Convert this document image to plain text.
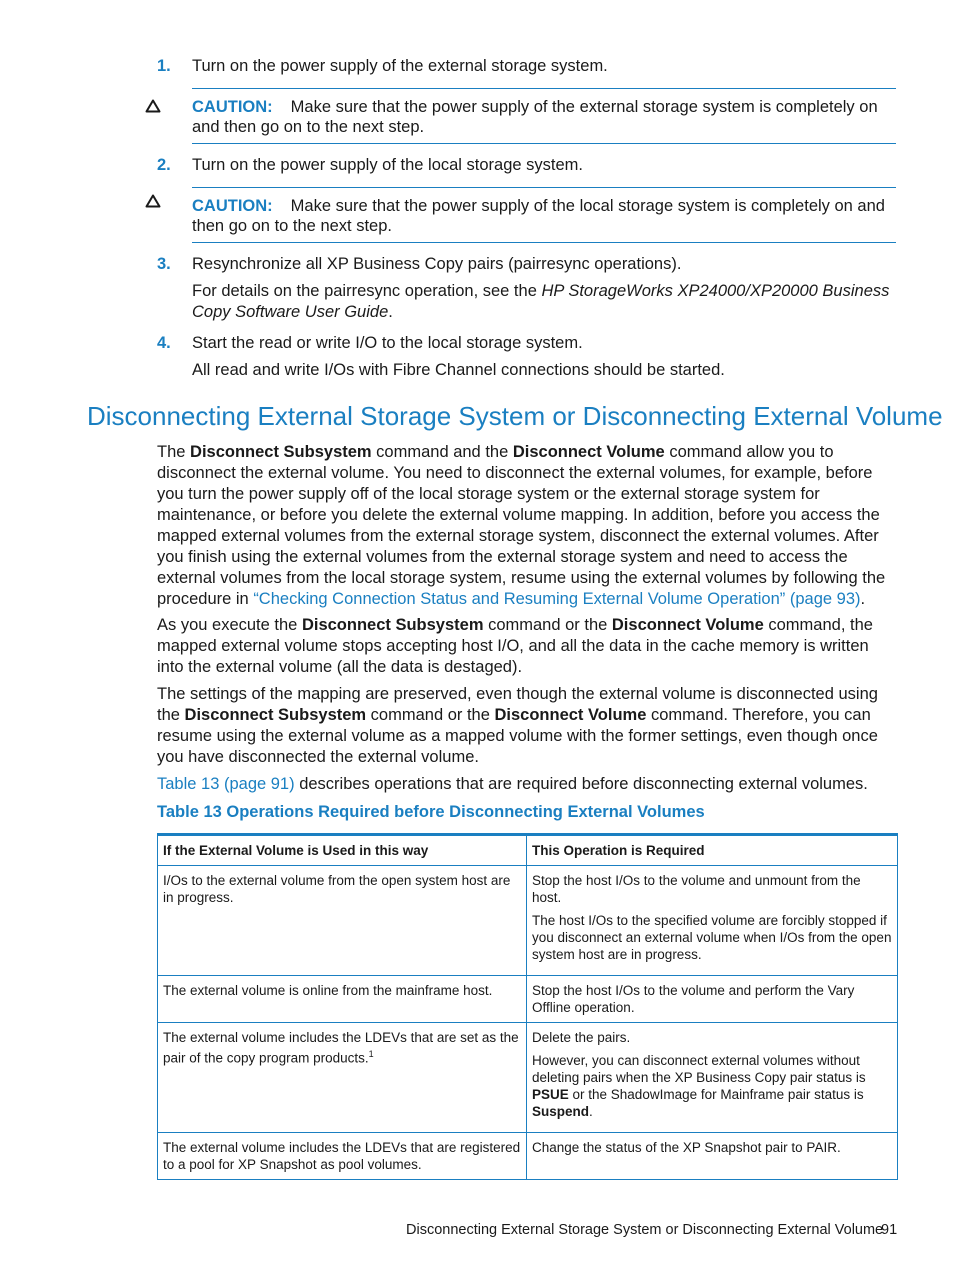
1. Turn on the power supply of the external storage system.
CAUTION: Make sure that the power supply of the external storage system is completely on and then go on to the next step.
2. Turn on the power supply of the local storage system.
CAUTION: Make sure that the power supply of the local storage system is completely on and then go on to the next step.
3. Resynchronize all XP Business Copy pairs (pairresync operations).
For details on the pairresync operation, see the HP StorageWorks XP24000/XP20000 Business Copy Software User Guide.
4. Start the read or write I/O to the local storage system.
All read and write I/Os with Fibre Channel connections should be started.
Disconnecting External Storage System or Disconnecting External Volume
The Disconnect Subsystem command and the Disconnect Volume command allow you to disconnect the external volume. You need to disconnect the external volumes, for example, before you turn the power supply off of the local storage system or the external storage system for maintenance, or before you delete the external volume mapping. In addition, before you access the mapped external volumes from the external storage system, disconnect the external volumes. After you finish using the external volumes from the external storage system and need to access the external volumes from the local storage system, resume using the external volumes by following the procedure in “Checking Connection Status and Resuming External Volume Operation” (page 93).
As you execute the Disconnect Subsystem command or the Disconnect Volume command, the mapped external volume stops accepting host I/O, and all the data in the cache memory is written into the external volume (all the data is destaged).
The settings of the mapping are preserved, even though the external volume is disconnected using the Disconnect Subsystem command or the Disconnect Volume command. Therefore, you can resume using the external volume as a mapped volume with the former settings, even though once you have disconnected the external volume.
Table 13 (page 91) describes operations that are required before disconnecting external volumes.
Table 13 Operations Required before Disconnecting External Volumes
If the External Volume is Used in this way	This Operation is Required
I/Os to the external volume from the open system host are in progress.	Stop the host I/Os to the volume and unmount from the host.

The host I/Os to the specified volume are forcibly stopped if you disconnect an external volume when I/Os from the open system host are in progress.

The external volume is online from the mainframe host.	Stop the host I/Os to the volume and perform the Vary Offline operation.
The external volume includes the LDEVs that are set as the pair of the copy program products.$^1$	Delete the pairs.

However, you can disconnect external volumes without deleting pairs when the XP Business Copy pair status is PSUE or the ShadowImage for Mainframe pair status is Suspend.

The external volume includes the LDEVs that are registered to a pool for XP Snapshot as pool volumes.	Change the status of the XP Snapshot pair to PAIR.
Disconnecting External Storage System or Disconnecting External Volume
91
